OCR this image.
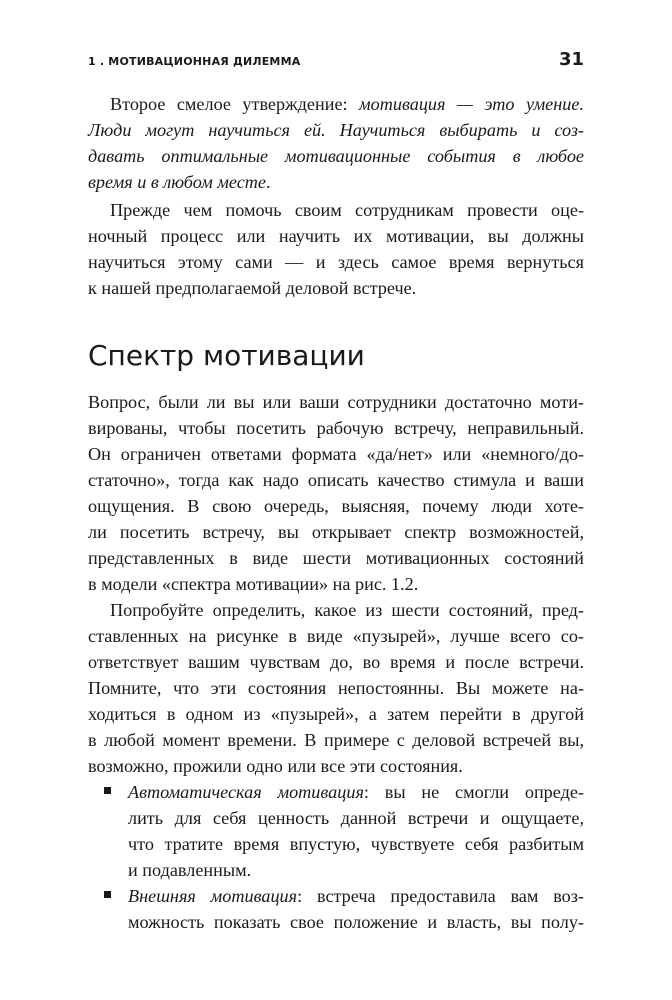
1 . МОТИВАЦИОННАЯ ДИЛЕММА	31
Второе смелое утверждение: мотивация — это умение.
Люди могут научиться ей. Научиться выбирать и соз-
давать оптимальные мотивационные события в любое
время и в любом месте.
Прежде чем помочь своим сотрудникам провести оце-
ночный процесс или научить их мотивации, вы должны
научиться этому сами — и здесь самое время вернуться
к нашей предполагаемой деловой встрече.
Спектр мотивации
Вопрос, были ли вы или ваши сотрудники достаточно моти-
вированы, чтобы посетить рабочую встречу, неправильный.
Он ограничен ответами формата «да/нет» или «немного/до-
статочно», тогда как надо описать качество стимула и ваши
ощущения. В свою очередь, выясняя, почему люди хоте-
ли посетить встречу, вы открывает спектр возможностей,
представленных в виде шести мотивационных состояний
в модели «спектра мотивации» на рис. 1.2.
Попробуйте определить, какое из шести состояний, пред-
ставленных на рисунке в виде «пузырей», лучше всего со-
ответствует вашим чувствам до, во время и после встречи.
Помните, что эти состояния непостоянны. Вы можете на-
ходиться в одном из «пузырей», а затем перейти в другой
в любой момент времени. В примере с деловой встречей вы,
возможно, прожили одно или все эти состояния.
Автоматическая мотивация: вы не смогли опреде-
лить для себя ценность данной встречи и ощущаете,
что тратите время впустую, чувствуете себя разбитым
и подавленным.
Внешняя мотивация: встреча предоставила вам воз-
можность показать свое положение и власть, вы полу-
